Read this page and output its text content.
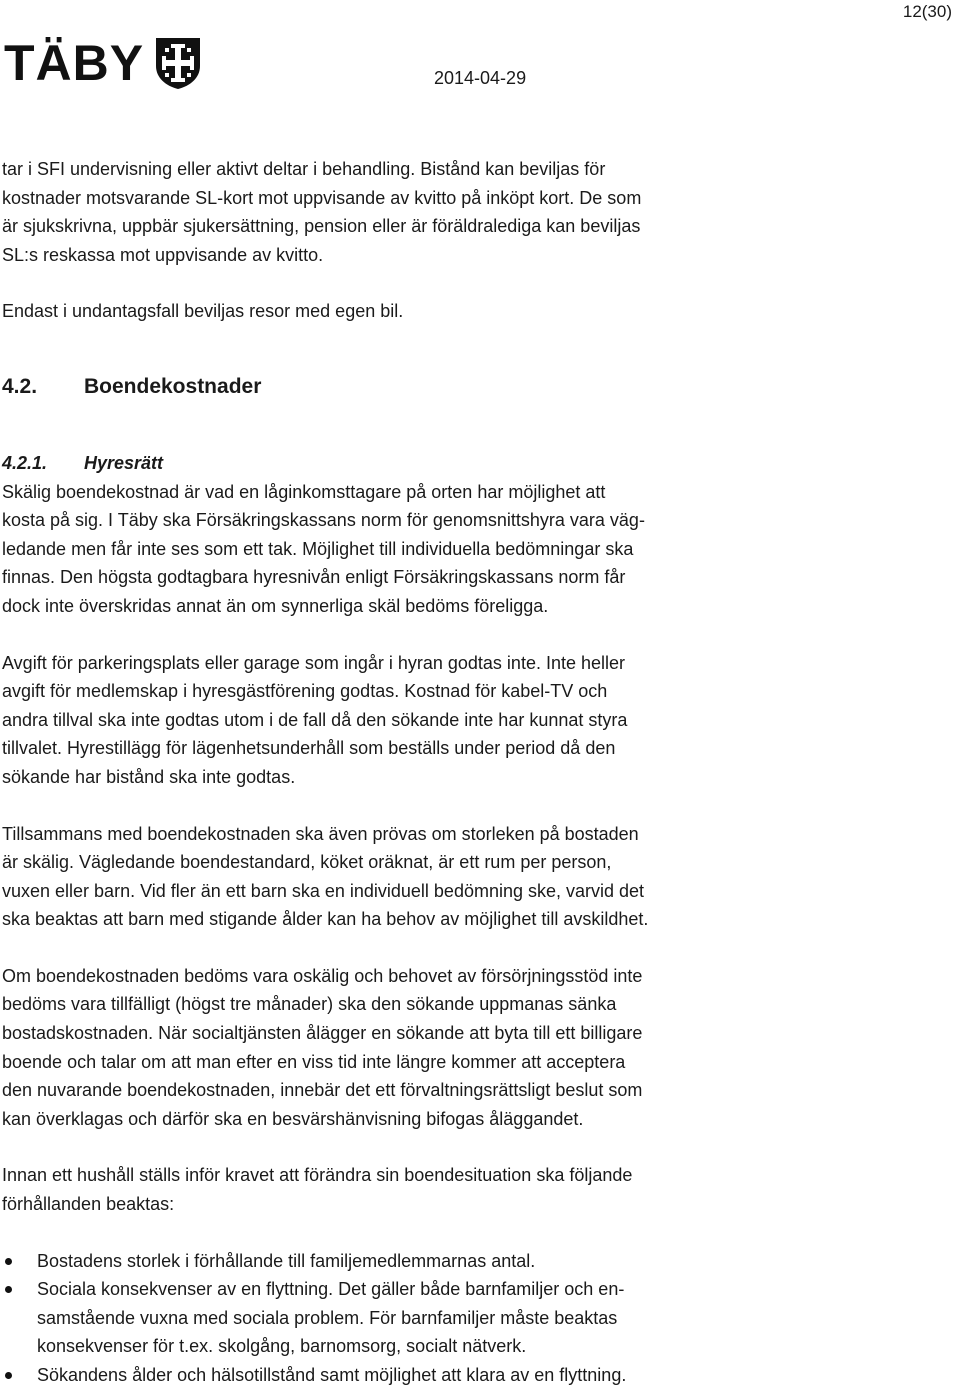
12(30)
TÄBY	2014-04-29

tar i SFI undervisning eller aktivt deltar i behandling. Bistånd kan beviljas för
kostnader motsvarande SL-kort mot uppvisande av kvitto på inköpt kort. De som
är sjukskrivna, uppbär sjukersättning, pension eller är föräldralediga kan beviljas
SL:s reskassa mot uppvisande av kvitto.

Endast i undantagsfall beviljas resor med egen bil.

4.2. Boendekostnader
4.2.1. Hyresrätt

Skälig boendekostnad är vad en låginkomsttagare på orten har möjlighet att
kosta på sig. I Täby ska Försäkringskassans norm för genomsnittshyra vara väg-
ledande men får inte ses som ett tak. Möjlighet till individuella bedömningar ska
finnas. Den högsta godtagbara hyresnivån enligt Försäkringskassans norm får
dock inte överskridas annat än om synnerliga skäl bedöms föreligga.

Avgift för parkeringsplats eller garage som ingår i hyran godtas inte. Inte heller
avgift för medlemskap i hyresgästförening godtas. Kostnad för kabel-TV och
andra tillval ska inte godtas utom i de fall då den sökande inte har kunnat styra
tillvalet. Hyrestillägg för lägenhetsunderhåll som beställs under period då den
sökande har bistånd ska inte godtas.

Tillsammans med boendekostnaden ska även prövas om storleken på bostaden
är skälig. Vägledande boendestandard, köket oräknat, är ett rum per person,
vuxen eller barn. Vid fler än ett barn ska en individuell bedömning ske, varvid det
ska beaktas att barn med stigande ålder kan ha behov av möjlighet till avskildhet.

Om boendekostnaden bedöms vara oskälig och behovet av försörjningsstöd inte
bedöms vara tillfälligt (högst tre månader) ska den sökande uppmanas sänka
bostadskostnaden. När socialtjänsten ålägger en sökande att byta till ett billigare
boende och talar om att man efter en viss tid inte längre kommer att acceptera
den nuvarande boendekostnaden, innebär det ett förvaltningsrättsligt beslut som
kan överklagas och därför ska en besvärshänvisning bifogas åläggandet.

Innan ett hushåll ställs inför kravet att förändra sin boendesituation ska följande
förhållanden beaktas:

Bostadens storlek i förhållande till familjemedlemmarnas antal.
Sociala konsekvenser av en flyttning. Det gäller både barnfamiljer och en-
samstående vuxna med sociala problem. För barnfamiljer måste beaktas
konsekvenser för t.ex. skolgång, barnomsorg, socialt nätverk.
Sökandens ålder och hälsotillstånd samt möjlighet att klara av en flyttning.
